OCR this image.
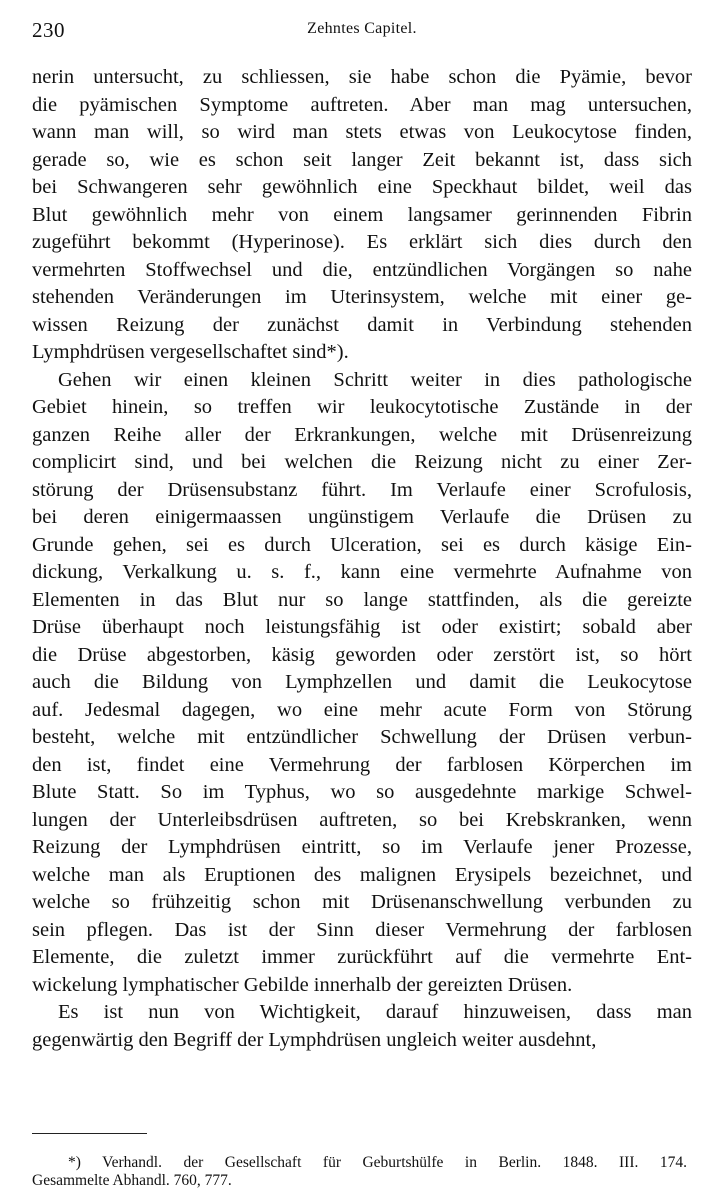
230	Zehntes Capitel.
nerin untersucht, zu schliessen, sie habe schon die Pyämie, bevor
die pyämischen Symptome auftreten. Aber man mag untersuchen,
wann man will, so wird man stets etwas von Leukocytose finden,
gerade so, wie es schon seit langer Zeit bekannt ist, dass sich
bei Schwangeren sehr gewöhnlich eine Speckhaut bildet, weil das
Blut gewöhnlich mehr von einem langsamer gerinnenden Fibrin
zugeführt bekommt (Hyperinose). Es erklärt sich dies durch den
vermehrten Stoffwechsel und die, entzündlichen Vorgängen so nahe
stehenden Veränderungen im Uterinsystem, welche mit einer ge-
wissen Reizung der zunächst damit in Verbindung stehenden
Lymphdrüsen vergesellschaftet sind*).
Gehen wir einen kleinen Schritt weiter in dies pathologische
Gebiet hinein, so treffen wir leukocytotische Zustände in der
ganzen Reihe aller der Erkrankungen, welche mit Drüsenreizung
complicirt sind, und bei welchen die Reizung nicht zu einer Zer-
störung der Drüsensubstanz führt. Im Verlaufe einer Scrofulosis,
bei deren einigermaassen ungünstigem Verlaufe die Drüsen zu
Grunde gehen, sei es durch Ulceration, sei es durch käsige Ein-
dickung, Verkalkung u. s. f., kann eine vermehrte Aufnahme von
Elementen in das Blut nur so lange stattfinden, als die gereizte
Drüse überhaupt noch leistungsfähig ist oder existirt; sobald aber
die Drüse abgestorben, käsig geworden oder zerstört ist, so hört
auch die Bildung von Lymphzellen und damit die Leukocytose
auf. Jedesmal dagegen, wo eine mehr acute Form von Störung
besteht, welche mit entzündlicher Schwellung der Drüsen verbun-
den ist, findet eine Vermehrung der farblosen Körperchen im
Blute Statt. So im Typhus, wo so ausgedehnte markige Schwel-
lungen der Unterleibsdrüsen auftreten, so bei Krebskranken, wenn
Reizung der Lymphdrüsen eintritt, so im Verlaufe jener Prozesse,
welche man als Eruptionen des malignen Erysipels bezeichnet, und
welche so frühzeitig schon mit Drüsenanschwellung verbunden zu
sein pflegen. Das ist der Sinn dieser Vermehrung der farblosen
Elemente, die zuletzt immer zurückführt auf die vermehrte Ent-
wickelung lymphatischer Gebilde innerhalb der gereizten Drüsen.
Es ist nun von Wichtigkeit, darauf hinzuweisen, dass man
gegenwärtig den Begriff der Lymphdrüsen ungleich weiter ausdehnt,
*) Verhandl. der Gesellschaft für Geburtshülfe in Berlin. 1848. III. 174.
Gesammelte Abhandl. 760, 777.
